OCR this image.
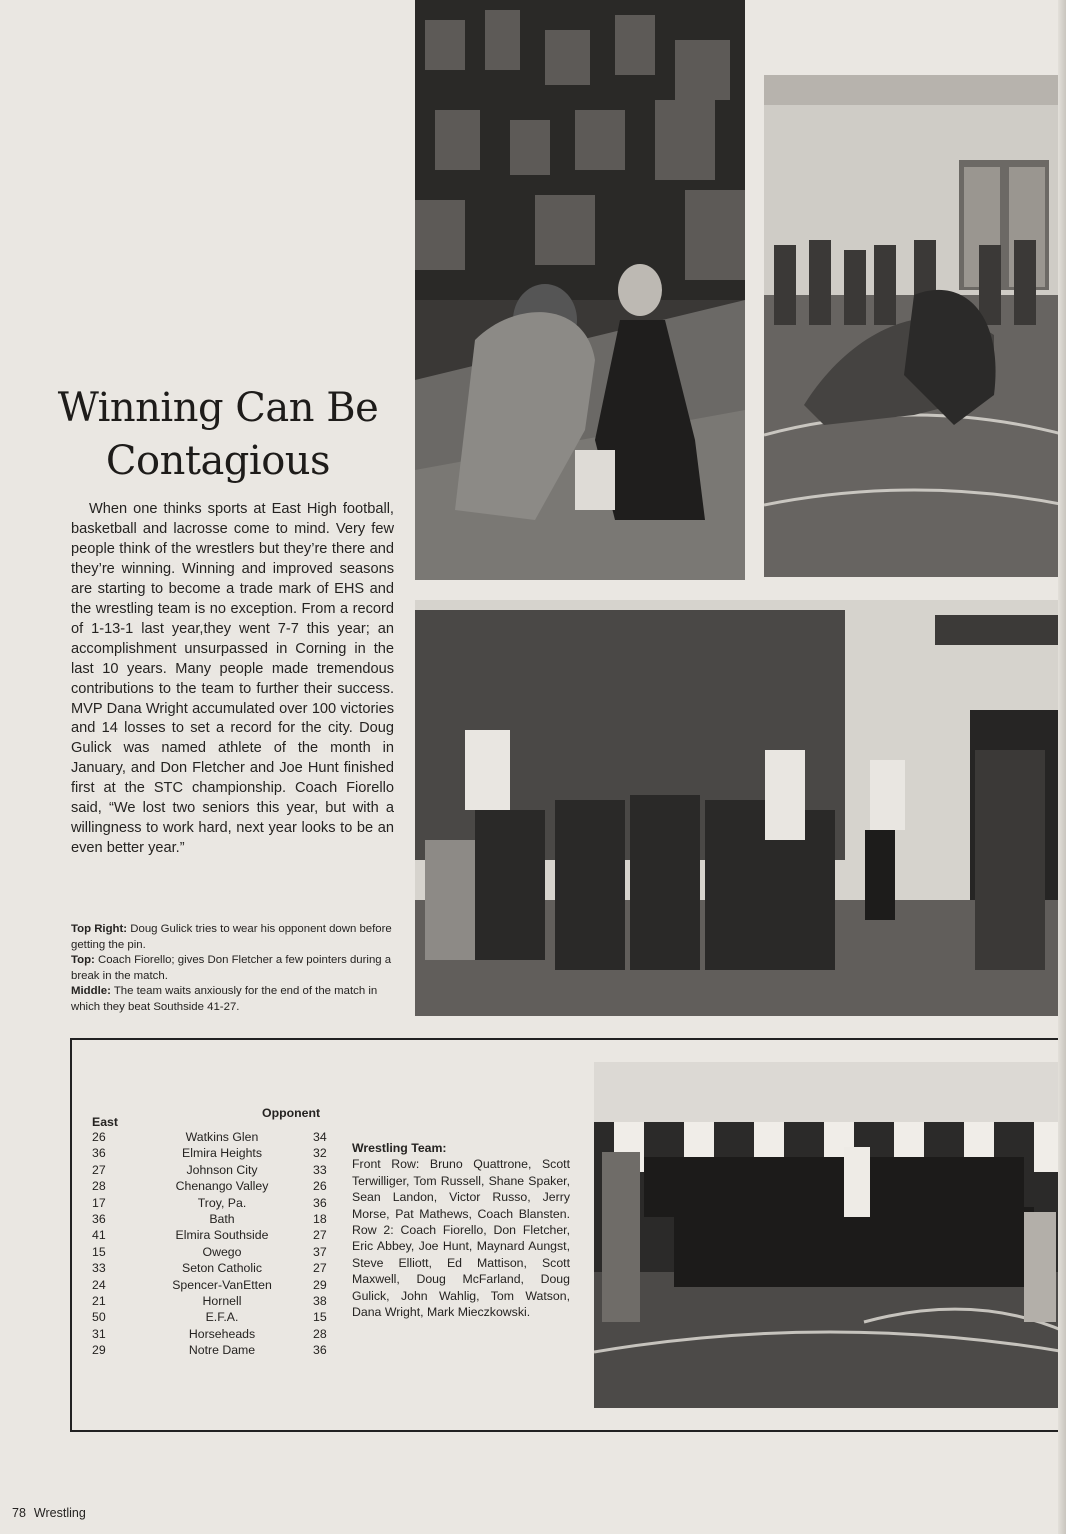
Winning Can Be Contagious

When one thinks sports at East High football, basketball and lacrosse come to mind. Very few people think of the wrestlers but they’re there and they’re winning. Winning and improved seasons are starting to become a trade mark of EHS and the wrestling team is no exception. From a record of 1-13-1 last year,they went 7-7 this year; an accomplishment unsurpassed in Corning in the last 10 years. Many people made tremendous contributions to the team to further their success. MVP Dana Wright accumulated over 100 victories and 14 losses to set a record for the city. Doug Gulick was named athlete of the month in January, and Don Fletcher and Joe Hunt finished first at the STC championship. Coach Fiorello said, “We lost two seniors this year, but with a willingness to work hard, next year looks to be an even better year.”

Top Right: Doug Gulick tries to wear his opponent down before getting the pin.

Top: Coach Fiorello; gives Don Fletcher a few pointers during a break in the match.

Middle: The team waits anxiously for the end of the match in which they beat Southside 41-27.

East
Opponent
26	Watkins Glen	34
36	Elmira Heights	32
27	Johnson City	33
28	Chenango Valley	26
17	Troy, Pa.	36
36	Bath	18
41	Elmira Southside	27
15	Owego	37
33	Seton Catholic	27
24	Spencer-VanEtten	29
21	Hornell	38
50	E.F.A.	15
31	Horseheads	28
29	Notre Dame	36
Wrestling Team:
Front Row: Bruno Quattrone, Scott Terwilliger, Tom Russell, Shane Spaker, Sean Landon, Victor Russo, Jerry Morse, Pat Mathews, Coach Blansten. Row 2: Coach Fiorello, Don Fletcher, Eric Abbey, Joe Hunt, Maynard Aungst, Steve Elliott, Ed Mattison, Scott Maxwell, Doug McFarland, Doug Gulick, John Wahlig, Tom Watson, Dana Wright, Mark Mieczkowski.
78 Wrestling
